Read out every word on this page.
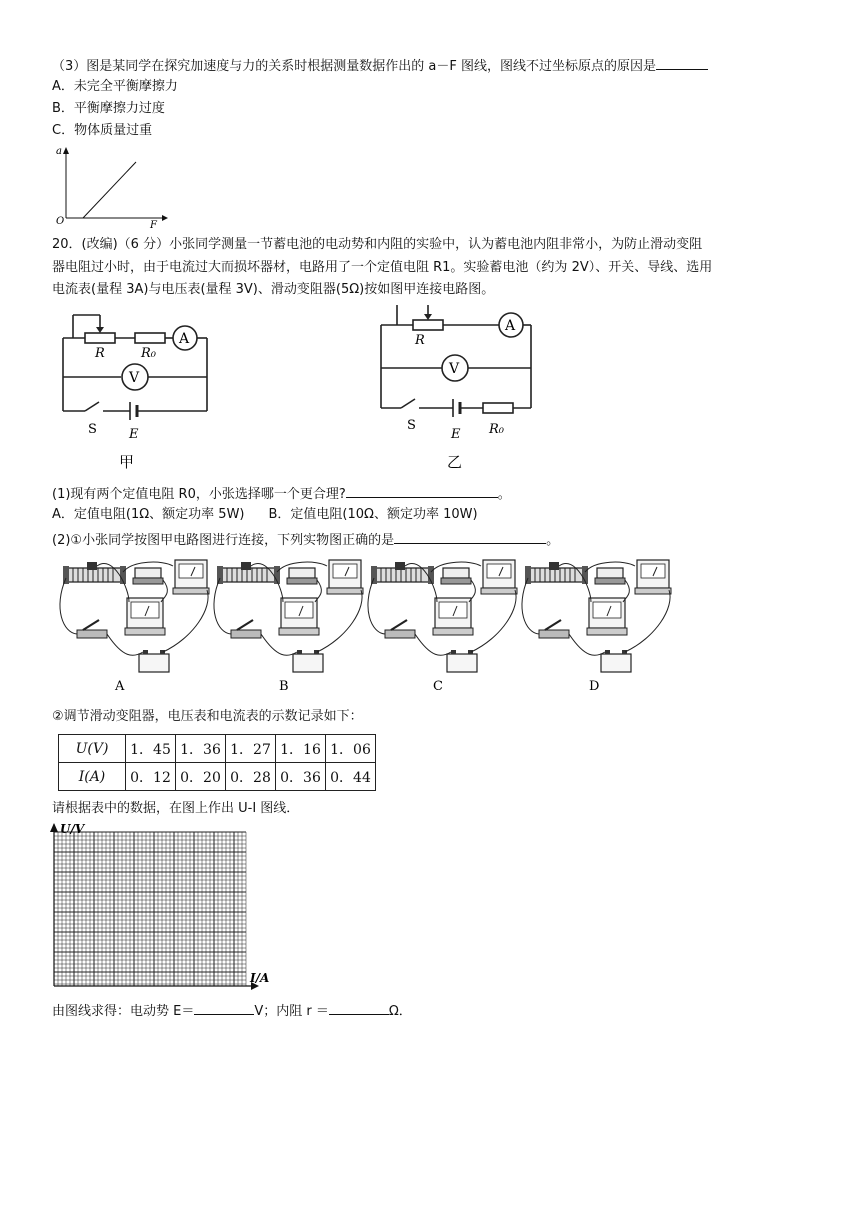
（3）图是某同学在探究加速度与力的关系时根据测量数据作出的 a－F 图线，图线不过坐标原点的原因是
A．未完全平衡摩擦力
B．平衡摩擦力过度
C．物体质量过重
a
O	F
20．(改编)（6 分）小张同学测量一节蓄电池的电动势和内阻的实验中，认为蓄电池内阻非常小，为防止滑动变阻
器电阻过小时，由于电流过大而损坏器材，电路用了一个定值电阻 R1。实验蓄电池（约为 2V）、开关、导线、选用
电流表(量程 3A)与电压表(量程 3V)、滑动变阻器(5Ω)按如图甲连接电路图。
A
V
R	R₀
S E
甲
A
V
R
S
E R₀
乙
(1)现有两个定值电阻 R0，小张选择哪一个更合理?	。
A．定值电阻(1Ω、额定功率 5W) B．定值电阻(10Ω、额定功率 10W)
(2)①小张同学按图甲电路图进行连接，下列实物图正确的是	。
A	B	C	D
②调节滑动变阻器，电压表和电流表的示数记录如下：
U(V)	1．45	1．36	1．27	1．16	1．06
I(A)	0．12	0．20	0．28	0．36	0．44
请根据表中的数据，在图上作出 U-I 图线．
U/V
I/A
由图线求得：电动势 E＝	V；内阻 r ＝	Ω．
